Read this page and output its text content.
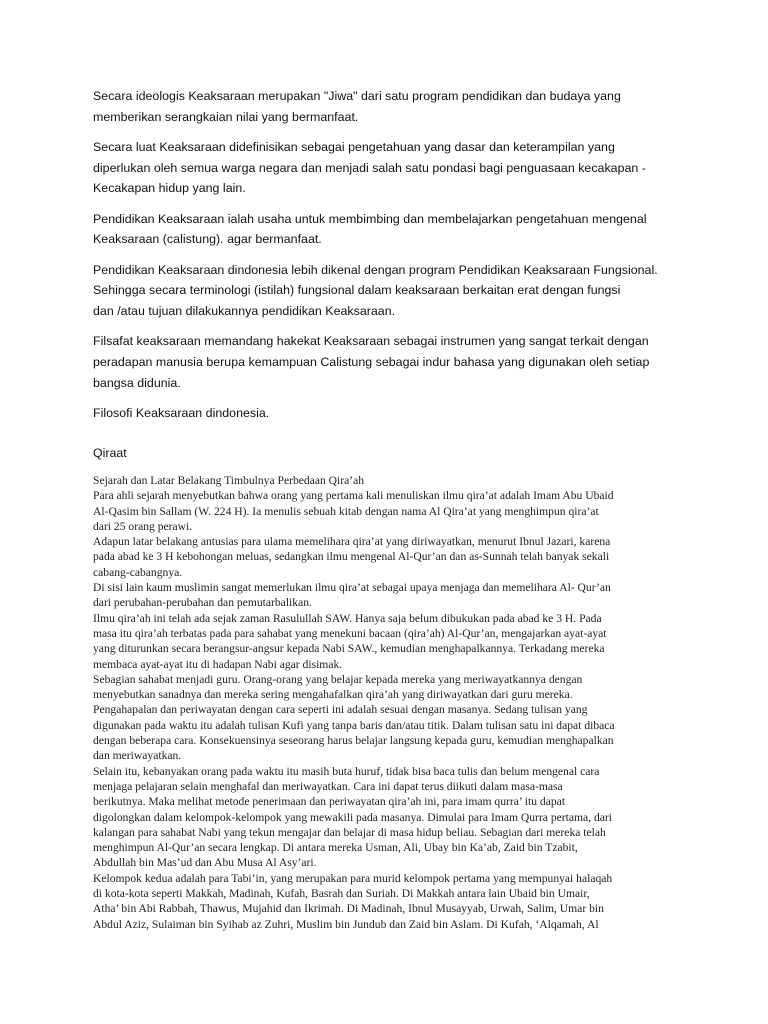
Secara ideologis Keaksaraan merupakan "Jiwa" dari satu program pendidikan dan budaya yang
memberikan serangkaian nilai yang bermanfaat.

Secara luat Keaksaraan didefinisikan sebagai pengetahuan yang dasar dan keterampilan yang
diperlukan oleh semua warga negara dan menjadi salah satu pondasi bagi penguasaan kecakapan -
Kecakapan hidup yang lain.

Pendidikan Keaksaraan ialah usaha untuk membimbing dan membelajarkan pengetahuan mengenal
Keaksaraan (calistung). agar bermanfaat.

Pendidikan Keaksaraan dindonesia lebih dikenal dengan program Pendidikan Keaksaraan Fungsional.
Sehingga secara terminologi (istilah) fungsional dalam keaksaraan berkaitan erat dengan fungsi
dan /atau tujuan dilakukannya pendidikan Keaksaraan.

Filsafat keaksaraan memandang hakekat Keaksaraan sebagai instrumen yang sangat terkait dengan
peradapan manusia berupa kemampuan Calistung sebagai indur bahasa yang digunakan oleh setiap
bangsa didunia.

Filosofi Keaksaraan dindonesia.

Qiraat
Sejarah dan Latar Belakang Timbulnya Perbedaan Qira’ah
Para ahli sejarah menyebutkan bahwa orang yang pertama kali menuliskan ilmu qira’at adalah Imam Abu Ubaid
Al-Qasim bin Sallam (W. 224 H). Ia menulis sebuah kitab dengan nama Al Qira’at yang menghimpun qira’at
dari 25 orang perawi.
Adapun latar belakang antusias para ulama memelihara qira’at yang diriwayatkan, menurut Ibnul Jazari, karena
pada abad ke 3 H kebohongan meluas, sedangkan ilmu mengenal Al-Qur’an dan as-Sunnah telah banyak sekali
cabang-cabangnya.
Di sisi lain kaum muslimin sangat memerlukan ilmu qira’at sebagai upaya menjaga dan memelihara Al- Qur’an
dari perubahan-perubahan dan pemutarbalikan.
Ilmu qira’ah ini telah ada sejak zaman Rasulullah SAW. Hanya saja belum dibukukan pada abad ke 3 H. Pada
masa itu qira’ah terbatas pada para sahabat yang menekuni bacaan (qira’ah) Al-Qur’an, mengajarkan ayat-ayat
yang diturunkan secara berangsur-angsur kepada Nabi SAW., kemudian menghapalkannya. Terkadang mereka
membaca ayat-ayat itu di hadapan Nabi agar disimak.
Sebagian sahabat menjadi guru. Orang-orang yang belajar kepada mereka yang meriwayatkannya dengan
menyebutkan sanadnya dan mereka sering mengahafalkan qira’ah yang diriwayatkan dari guru mereka.
Pengahapalan dan periwayatan dengan cara seperti ini adalah sesuai dengan masanya. Sedang tulisan yang
digunakan pada waktu itu adalah tulisan Kufi yang tanpa baris dan/atau titik. Dalam tulisan satu ini dapat dibaca
dengan beberapa cara. Konsekuensinya seseorang harus belajar langsung kepada guru, kemudian menghapalkan
dan meriwayatkan.
Selain itu, kebanyakan orang pada waktu itu masih buta huruf, tidak bisa baca tulis dan belum mengenal cara
menjaga pelajaran selain menghafal dan meriwayatkan. Cara ini dapat terus diikuti dalam masa-masa
berikutnya. Maka melihat metode penerimaan dan periwayatan qira’ah ini, para imam qurra’ itu dapat
digolongkan dalam kelompok-kelompok yang mewakili pada masanya. Dimulai para Imam Qurra pertama, dari
kalangan para sahabat Nabi yang tekun mengajar dan belajar di masa hidup beliau. Sebagian dari mereka telah
menghimpun Al-Qur’an secara lengkap. Di antara mereka Usman, Ali, Ubay bin Ka’ab, Zaid bin Tzabit,
Abdullah bin Mas’ud dan Abu Musa Al Asy’ari.
Kelompok kedua adalah para Tabi’in, yang merupakan para murid kelompok pertama yang mempunyai halaqah
di kota-kota seperti Makkah, Madinah, Kufah, Basrah dan Suriah. Di Makkah antara lain Ubaid bin Umair,
Atha’ bin Abi Rabbah, Thawus, Mujahid dan Ikrimah. Di Madinah, Ibnul Musayyab, Urwah, Salim, Umar bin
Abdul Aziz, Sulaiman bin Syihab az Zuhri, Muslim bin Jundub dan Zaid bin Aslam. Di Kufah, ‘Alqamah, Al
